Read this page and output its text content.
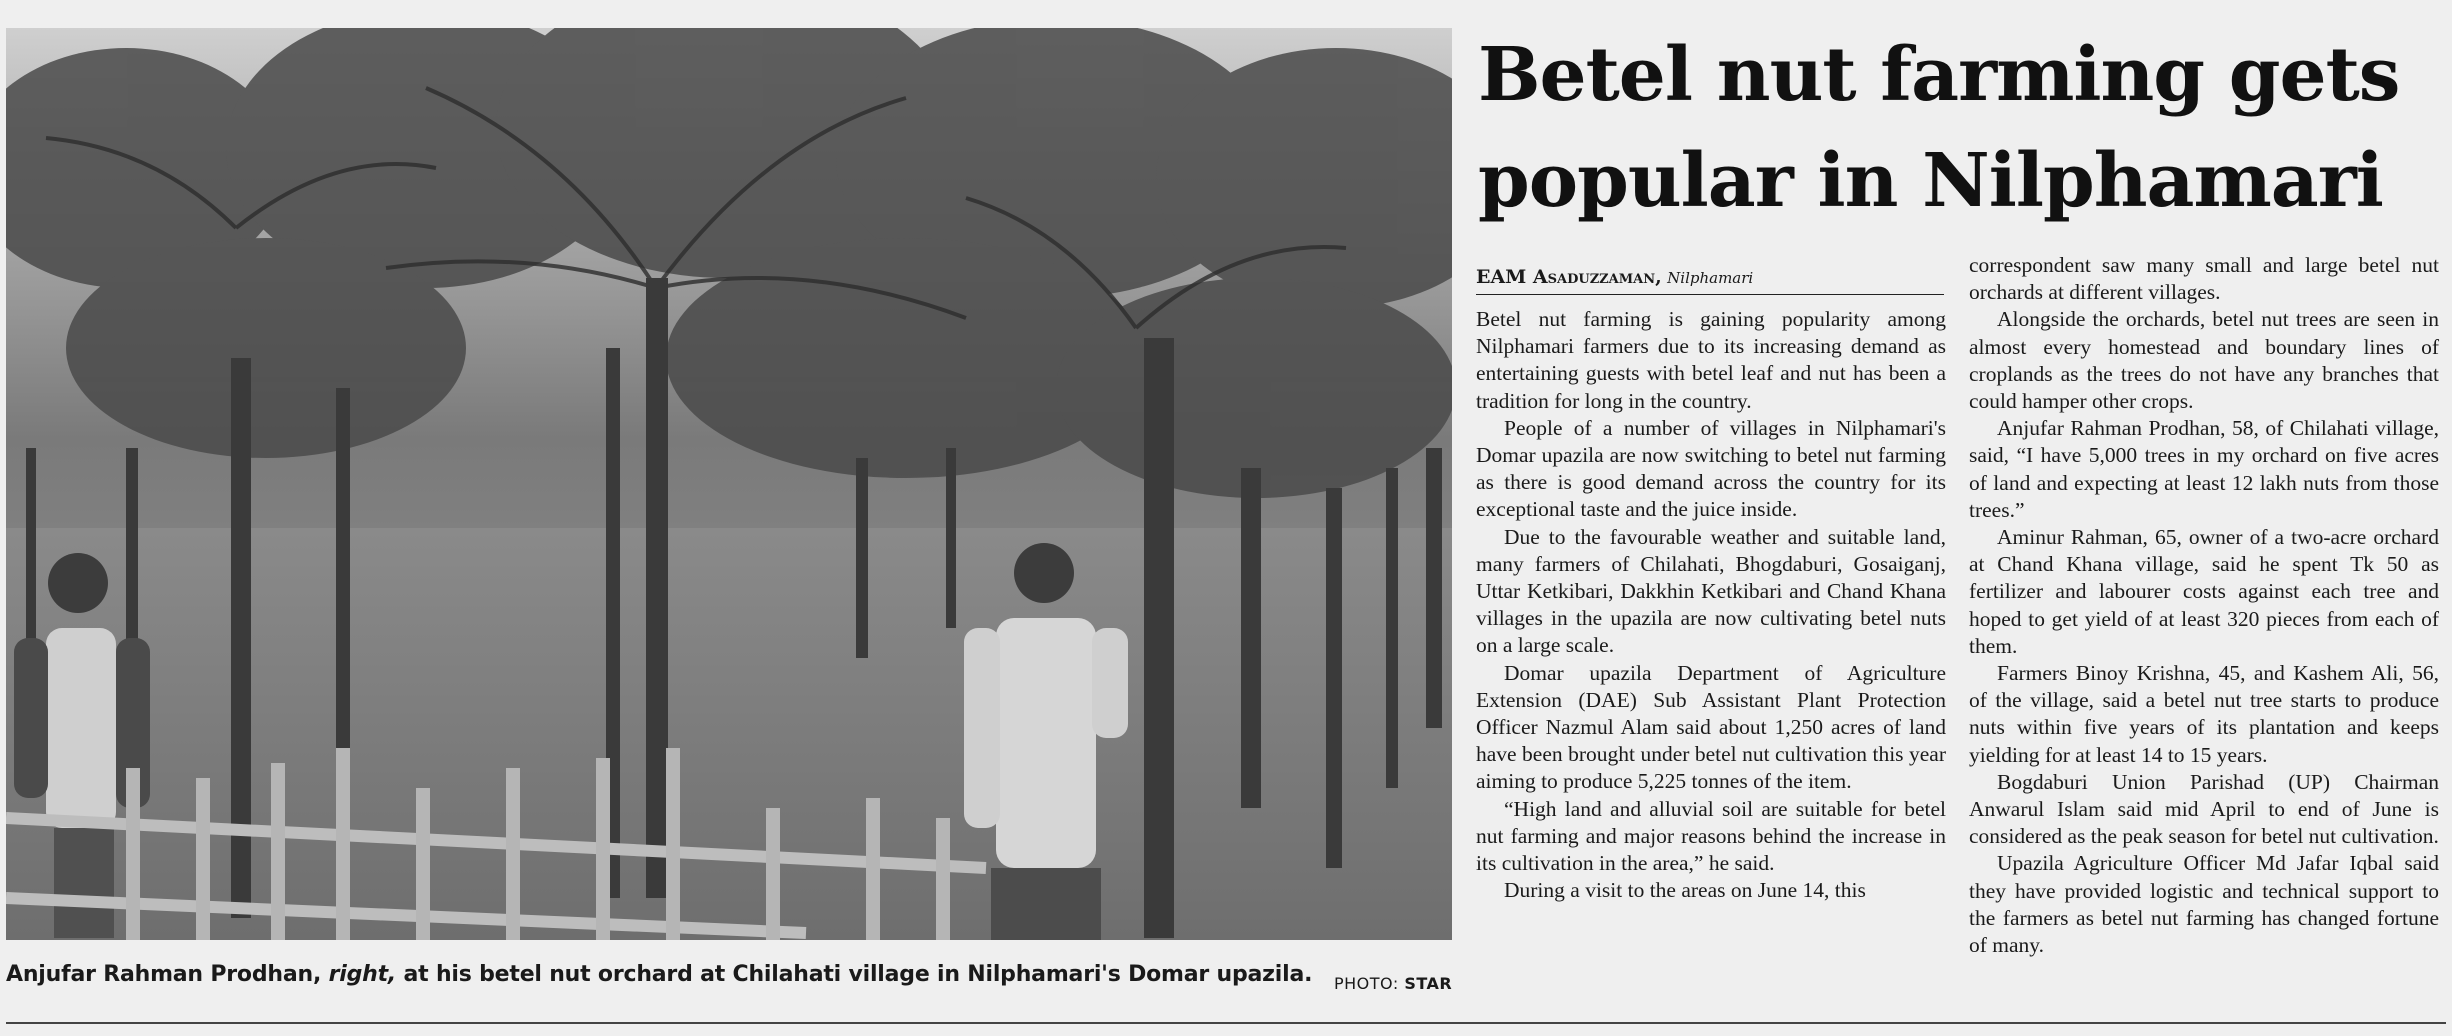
Anjufar Rahman Prodhan, right, at his betel nut orchard at Chilahati village in Nilphamari's Domar upazila. PHOTO: STAR
Betel nut farming gets
popular in Nilphamari
EAM Asaduzzaman, Nilphamari

Betel nut farming is gaining popularity among Nilphamari farmers due to its increasing demand as entertaining guests with betel leaf and nut has been a tradition for long in the country.

People of a number of villages in Nilphamari's Domar upazila are now switching to betel nut farming as there is good demand across the country for its exceptional taste and the juice inside.

Due to the favourable weather and suitable land, many farmers of Chilahati, Bhogdaburi, Gosaiganj, Uttar Ketkibari, Dakkhin Ketkibari and Chand Khana villages in the upazila are now cultivating betel nuts on a large scale.

Domar upazila Department of Agriculture Extension (DAE) Sub Assistant Plant Protection Officer Nazmul Alam said about 1,250 acres of land have been brought under betel nut cultivation this year aiming to produce 5,225 tonnes of the item.

“High land and alluvial soil are suitable for betel nut farming and major reasons behind the increase in its cultivation in the area,” he said.

During a visit to the areas on June 14, this

correspondent saw many small and large betel nut orchards at different villages.

Alongside the orchards, betel nut trees are seen in almost every homestead and boundary lines of croplands as the trees do not have any branches that could hamper other crops.

Anjufar Rahman Prodhan, 58, of Chilahati village, said, “I have 5,000 trees in my orchard on five acres of land and expecting at least 12 lakh nuts from those trees.”

Aminur Rahman, 65, owner of a two-acre orchard at Chand Khana village, said he spent Tk 50 as fertilizer and labourer costs against each tree and hoped to get yield of at least 320 pieces from each of them.

Farmers Binoy Krishna, 45, and Kashem Ali, 56, of the village, said a betel nut tree starts to produce nuts within five years of its plantation and keeps yielding for at least 14 to 15 years.

Bogdaburi Union Parishad (UP) Chairman Anwarul Islam said mid April to end of June is considered as the peak season for betel nut cultivation.

Upazila Agriculture Officer Md Jafar Iqbal said they have provided logistic and technical support to the farmers as betel nut farming has changed fortune of many.
